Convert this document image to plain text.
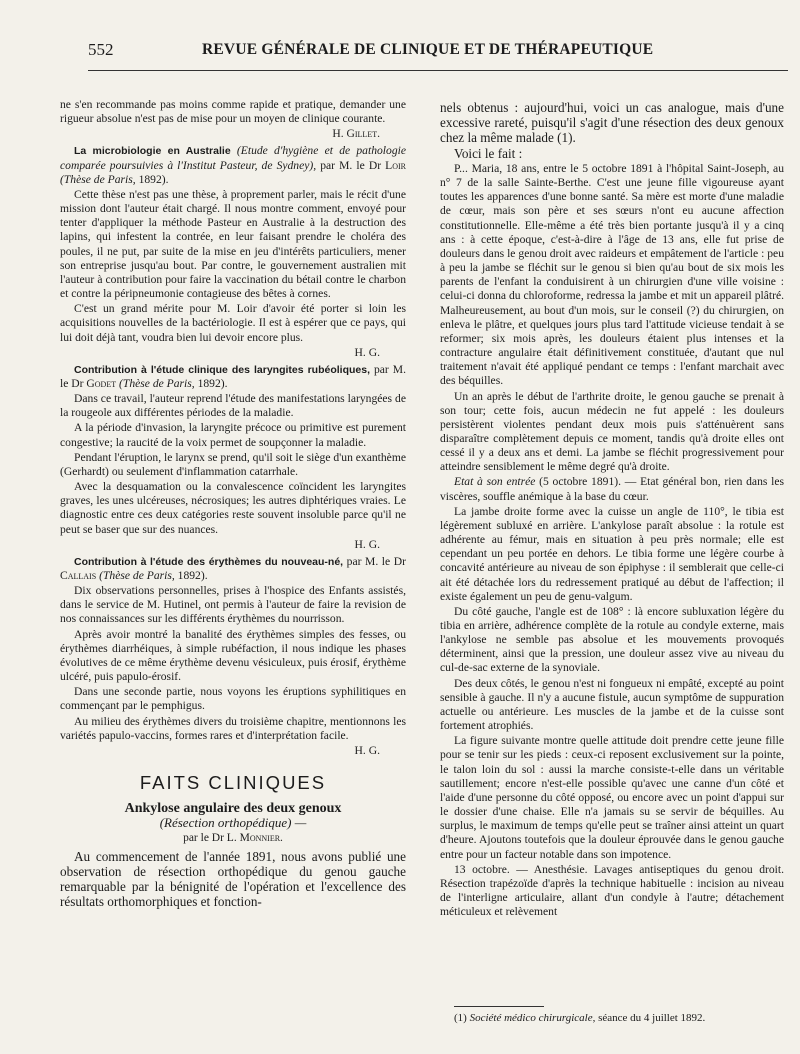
552	REVUE GÉNÉRALE DE CLINIQUE ET DE THÉRAPEUTIQUE

ne s'en recommande pas moins comme rapide et pratique, demander une rigueur absolue n'est pas de mise pour un moyen de clinique courante.

H. Gillet.

La microbiologie en Australie (Etude d'hygiène et de pathologie comparée poursuivies à l'Institut Pasteur, de Sydney), par M. le Dr Loir (Thèse de Paris, 1892).

Cette thèse n'est pas une thèse, à proprement parler, mais le récit d'une mission dont l'auteur était chargé. Il nous montre comment, envoyé pour tenter d'appliquer la méthode Pasteur en Australie à la destruction des lapins, qui infestent la contrée, en leur faisant prendre le choléra des poules, il ne put, par suite de la mise en jeu d'intérêts particuliers, mener son entreprise jusqu'au bout. Par contre, le gouvernement australien mit l'auteur à contribution pour faire la vaccination du bétail contre le charbon et contre la péripneumonie contagieuse des bêtes à cornes.

C'est un grand mérite pour M. Loir d'avoir été porter si loin les acquisitions nouvelles de la bactériologie. Il est à espérer que ce pays, qui lui doit déjà tant, voudra bien lui devoir encore plus.

H. G.

Contribution à l'étude clinique des laryngites rubéoliques, par M. le Dr Godet (Thèse de Paris, 1892).

Dans ce travail, l'auteur reprend l'étude des manifestations laryngées de la rougeole aux différentes périodes de la maladie.

A la période d'invasion, la laryngite précoce ou primitive est purement congestive; la raucité de la voix permet de soupçonner la maladie.

Pendant l'éruption, le larynx se prend, qu'il soit le siège d'un exanthème (Gerhardt) ou seulement d'inflammation catarrhale.

Avec la desquamation ou la convalescence coïncident les laryngites graves, les unes ulcéreuses, nécrosiques; les autres diphtériques vraies. Le diagnostic entre ces deux catégories reste souvent insoluble parce qu'il ne peut se baser que sur des nuances.

H. G.

Contribution à l'étude des érythèmes du nouveau-né, par M. le Dr Callais (Thèse de Paris, 1892).

Dix observations personnelles, prises à l'hospice des Enfants assistés, dans le service de M. Hutinel, ont permis à l'auteur de faire la revision de nos connaissances sur les différents érythèmes du nourrisson.

Après avoir montré la banalité des érythèmes simples des fesses, ou érythèmes diarrhéiques, à simple rubéfaction, il nous indique les phases évolutives de ce même érythème devenu vésiculeux, puis érosif, érythème ulcéré, puis papulo-érosif.

Dans une seconde partie, nous voyons les éruptions syphilitiques en commençant par le pemphigus.

Au milieu des érythèmes divers du troisième chapitre, mentionnons les variétés papulo-vaccins, formes rares et d'interprétation facile.

H. G.

FAITS CLINIQUES

Ankylose angulaire des deux genoux

(Résection orthopédique) —

par le Dr L. Monnier.

Au commencement de l'année 1891, nous avons publié une observation de résection orthopédique du genou gauche remarquable par la bénignité de l'opération et l'excellence des résultats orthomorphiques et fonction-

nels obtenus : aujourd'hui, voici un cas analogue, mais d'une excessive rareté, puisqu'il s'agit d'une résection des deux genoux chez la même malade (1).

Voici le fait :

P... Maria, 18 ans, entre le 5 octobre 1891 à l'hôpital Saint-Joseph, au n° 7 de la salle Sainte-Berthe. C'est une jeune fille vigoureuse ayant toutes les apparences d'une bonne santé. Sa mère est morte d'une maladie de cœur, mais son père et ses sœurs n'ont eu aucune affection constitutionnelle. Elle-même a été très bien portante jusqu'à il y a cinq ans : à cette époque, c'est-à-dire à l'âge de 13 ans, elle fut prise de douleurs dans le genou droit avec raideurs et empâtement de l'article : peu à peu la jambe se fléchit sur le genou si bien qu'au bout de six mois les parents de l'enfant la conduisirent à un chirurgien d'une ville voisine : celui-ci donna du chloroforme, redressa la jambe et mit un appareil plâtré. Malheureusement, au bout d'un mois, sur le conseil (?) du chirurgien, on enleva le plâtre, et quelques jours plus tard l'attitude vicieuse tendait à se reformer; six mois après, les douleurs étaient plus intenses et la contracture angulaire était définitivement constituée, d'autant que nul traitement n'avait été appliqué pendant ce temps : l'enfant marchait avec des béquilles.

Un an après le début de l'arthrite droite, le genou gauche se prenait à son tour; cette fois, aucun médecin ne fut appelé : les douleurs persistèrent violentes pendant deux mois puis s'atténuèrent sans disparaître complètement depuis ce moment, tandis qu'à droite elles ont cessé il y a deux ans et demi. La jambe se fléchit progressivement pour atteindre sensiblement le même degré qu'à droite.

Etat à son entrée (5 octobre 1891). — Etat général bon, rien dans les viscères, souffle anémique à la base du cœur.

La jambe droite forme avec la cuisse un angle de 110°, le tibia est légèrement subluxé en arrière. L'ankylose paraît absolue : la rotule est adhérente au fémur, mais en situation à peu près normale; elle est cependant un peu portée en dehors. Le tibia forme une légère courbe à concavité antérieure au niveau de son épiphyse : il semblerait que celle-ci ait été détachée lors du redressement pratiqué au début de l'affection; il existe également un peu de genu-valgum.

Du côté gauche, l'angle est de 108° : là encore subluxation légère du tibia en arrière, adhérence complète de la rotule au condyle externe, mais l'ankylose ne semble pas absolue et les mouvements provoqués déterminent, ainsi que la pression, une douleur assez vive au niveau du cul-de-sac externe de la synoviale.

Des deux côtés, le genou n'est ni fongueux ni empâté, excepté au point sensible à gauche. Il n'y a aucune fistule, aucun symptôme de suppuration actuelle ou antérieure. Les muscles de la jambe et de la cuisse sont fortement atrophiés.

La figure suivante montre quelle attitude doit prendre cette jeune fille pour se tenir sur les pieds : ceux-ci reposent exclusivement sur la pointe, le talon loin du sol : aussi la marche consiste-t-elle dans un véritable sautillement; encore n'est-elle possible qu'avec une canne d'un côté et l'aide d'une personne du côté opposé, ou encore avec un point d'appui sur le dossier d'une chaise. Elle n'a jamais su se servir de béquilles. Au surplus, le maximum de temps qu'elle peut se traîner ainsi atteint un quart d'heure. Ajoutons toutefois que la douleur éprouvée dans le genou gauche entre pour un facteur notable dans son impotence.

13 octobre. — Anesthésie. Lavages antiseptiques du genou droit. Résection trapézoïde d'après la technique habituelle : incision au niveau de l'interligne articulaire, allant d'un condyle à l'autre; détachement méticuleux et relèvement

(1) Société médico chirurgicale, séance du 4 juillet 1892.
